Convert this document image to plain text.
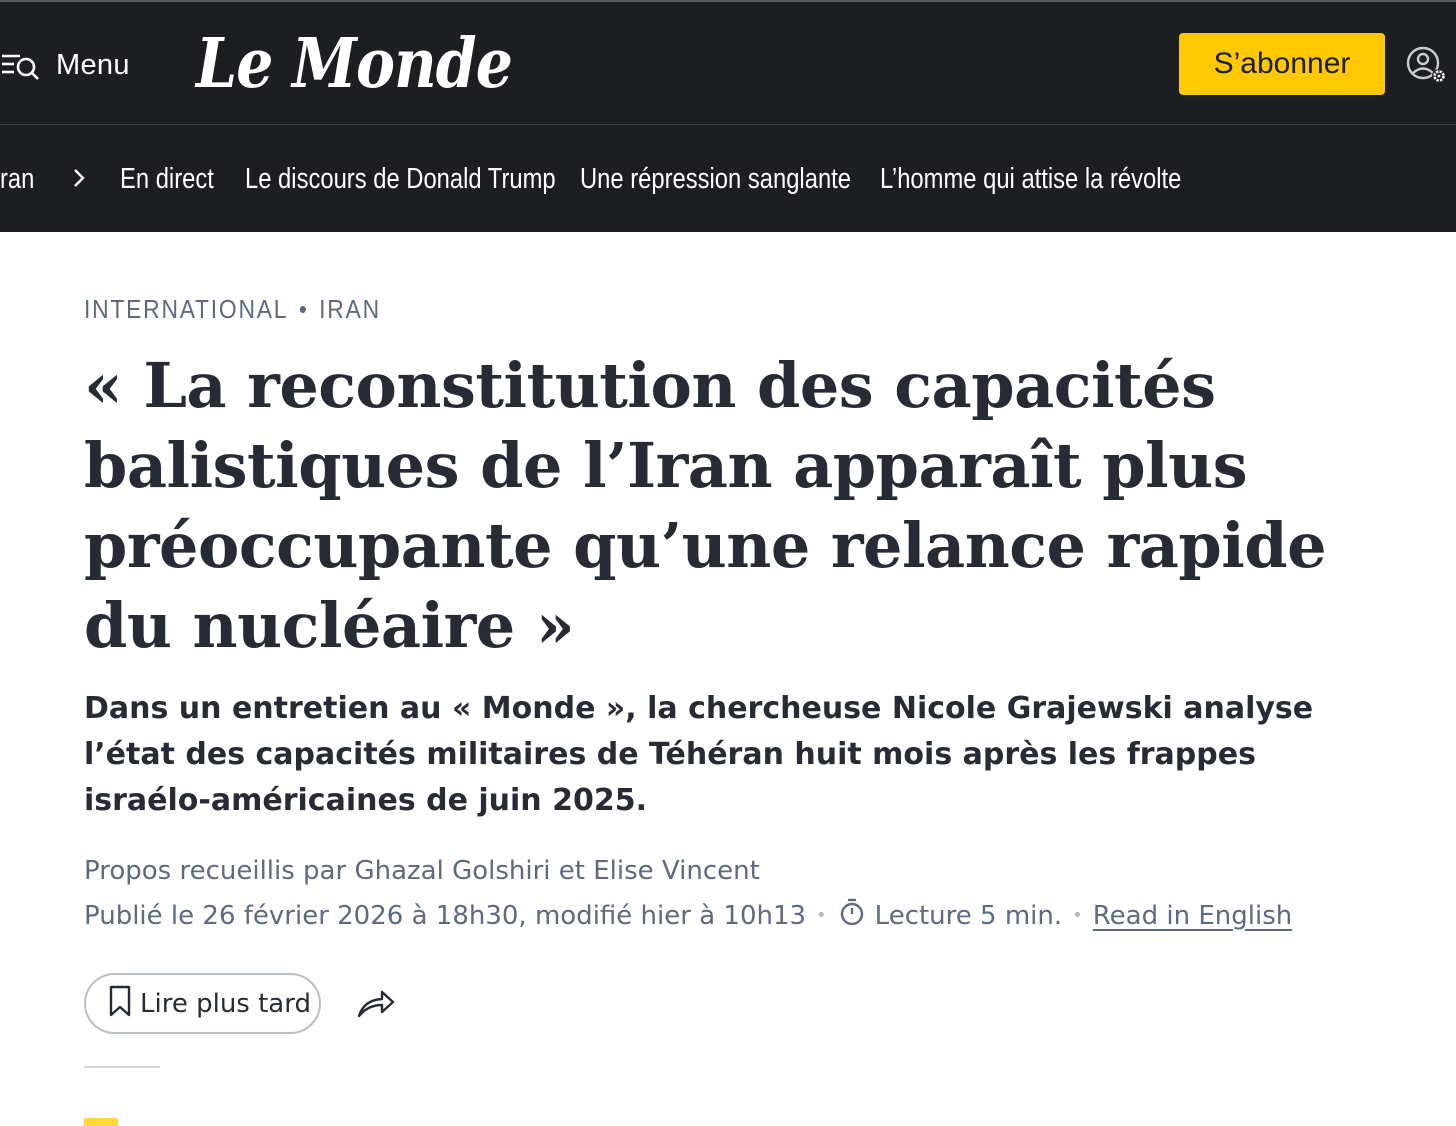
Menu Le Monde	S’abonner
ran	En direct Le discours de Donald Trump Une répression sanglante L’homme qui attise la révolte
INTERNATIONAL • IRAN
« La reconstitution des capacités balistiques de l’Iran apparaît plus préoccupante qu’une relance rapide du nucléaire »

Dans un entretien au « Monde », la chercheuse Nicole Grajewski analyse l’état des capacités militaires de Téhéran huit mois après les frappes israélo-américaines de juin 2025.

Propos recueillis par Ghazal Golshiri et Elise Vincent
Publié le 26 février 2026 à 18h30, modifié hier à 10h13 • Lecture 5 min. • Read in English
Lire plus tard
